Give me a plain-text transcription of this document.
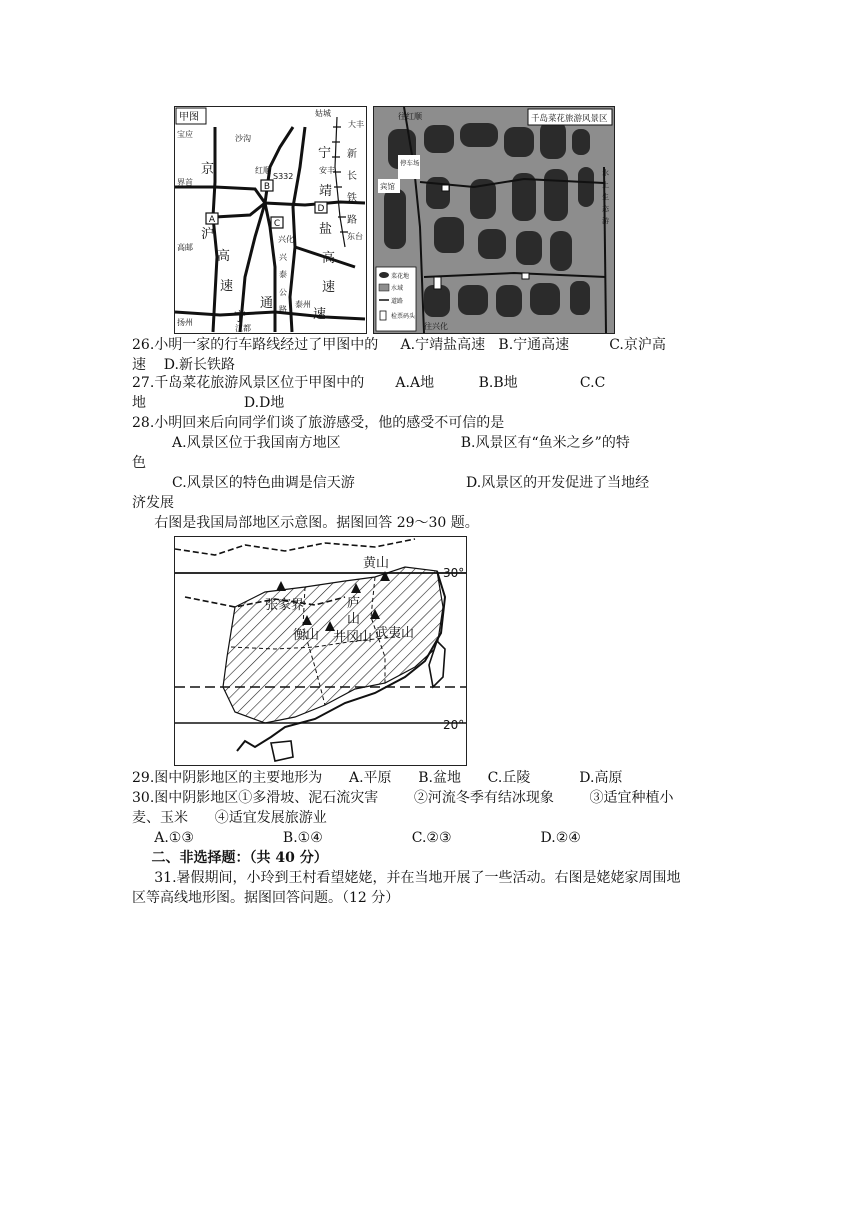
A
B
C
D
甲图
宝应	沙沟
姑城
大丰
界首
京	红顺
S332
宁
安丰
沪	兴化
靖
新
长
铁
路
盐
高
高邮
兴
东台
泰
公
路
高
速
速
宁
通	泰州
扬州
江都
速
千岛菜花旅游风景区
往红顺
停车场
宾馆
往兴化
水
上
生
态
游
菜花地
水域
道路
检票码头
26.小明一家的行车路线经过了甲图中的     A.宁靖盐高速   B.宁通高速         C.京沪高
速    D.新长铁路
27.千岛菜花旅游风景区位于甲图中的       A.A地          B.B地              C.C
地                      D.D地
28.小明回来后向同学们谈了旅游感受，他的感受不可信的是
A.风景区位于我国南方地区                           B.风景区有“鱼米之乡”的特
色
C.风景区的特色曲调是信天游                         D.风景区的开发促进了当地经
济发展
右图是我国局部地区示意图。据图回答 29～30 题。
黄山
张家界	庐
山
衡山 井冈山 武夷山
30°
20°
29.图中阴影地区的主要地形为      A.平原      B.盆地      C.丘陵           D.高原
30.图中阴影地区①多滑坡、泥石流灾害        ②河流冬季有结冰现象        ③适宜种植小
麦、玉米      ④适宜发展旅游业
A.①③                    B.①④                    C.②③                    D.②④
二、非选择题：（共 40 分）
31.暑假期间，小玲到王村看望姥姥，并在当地开展了一些活动。右图是姥姥家周围地
区等高线地形图。据图回答问题。（12 分）
